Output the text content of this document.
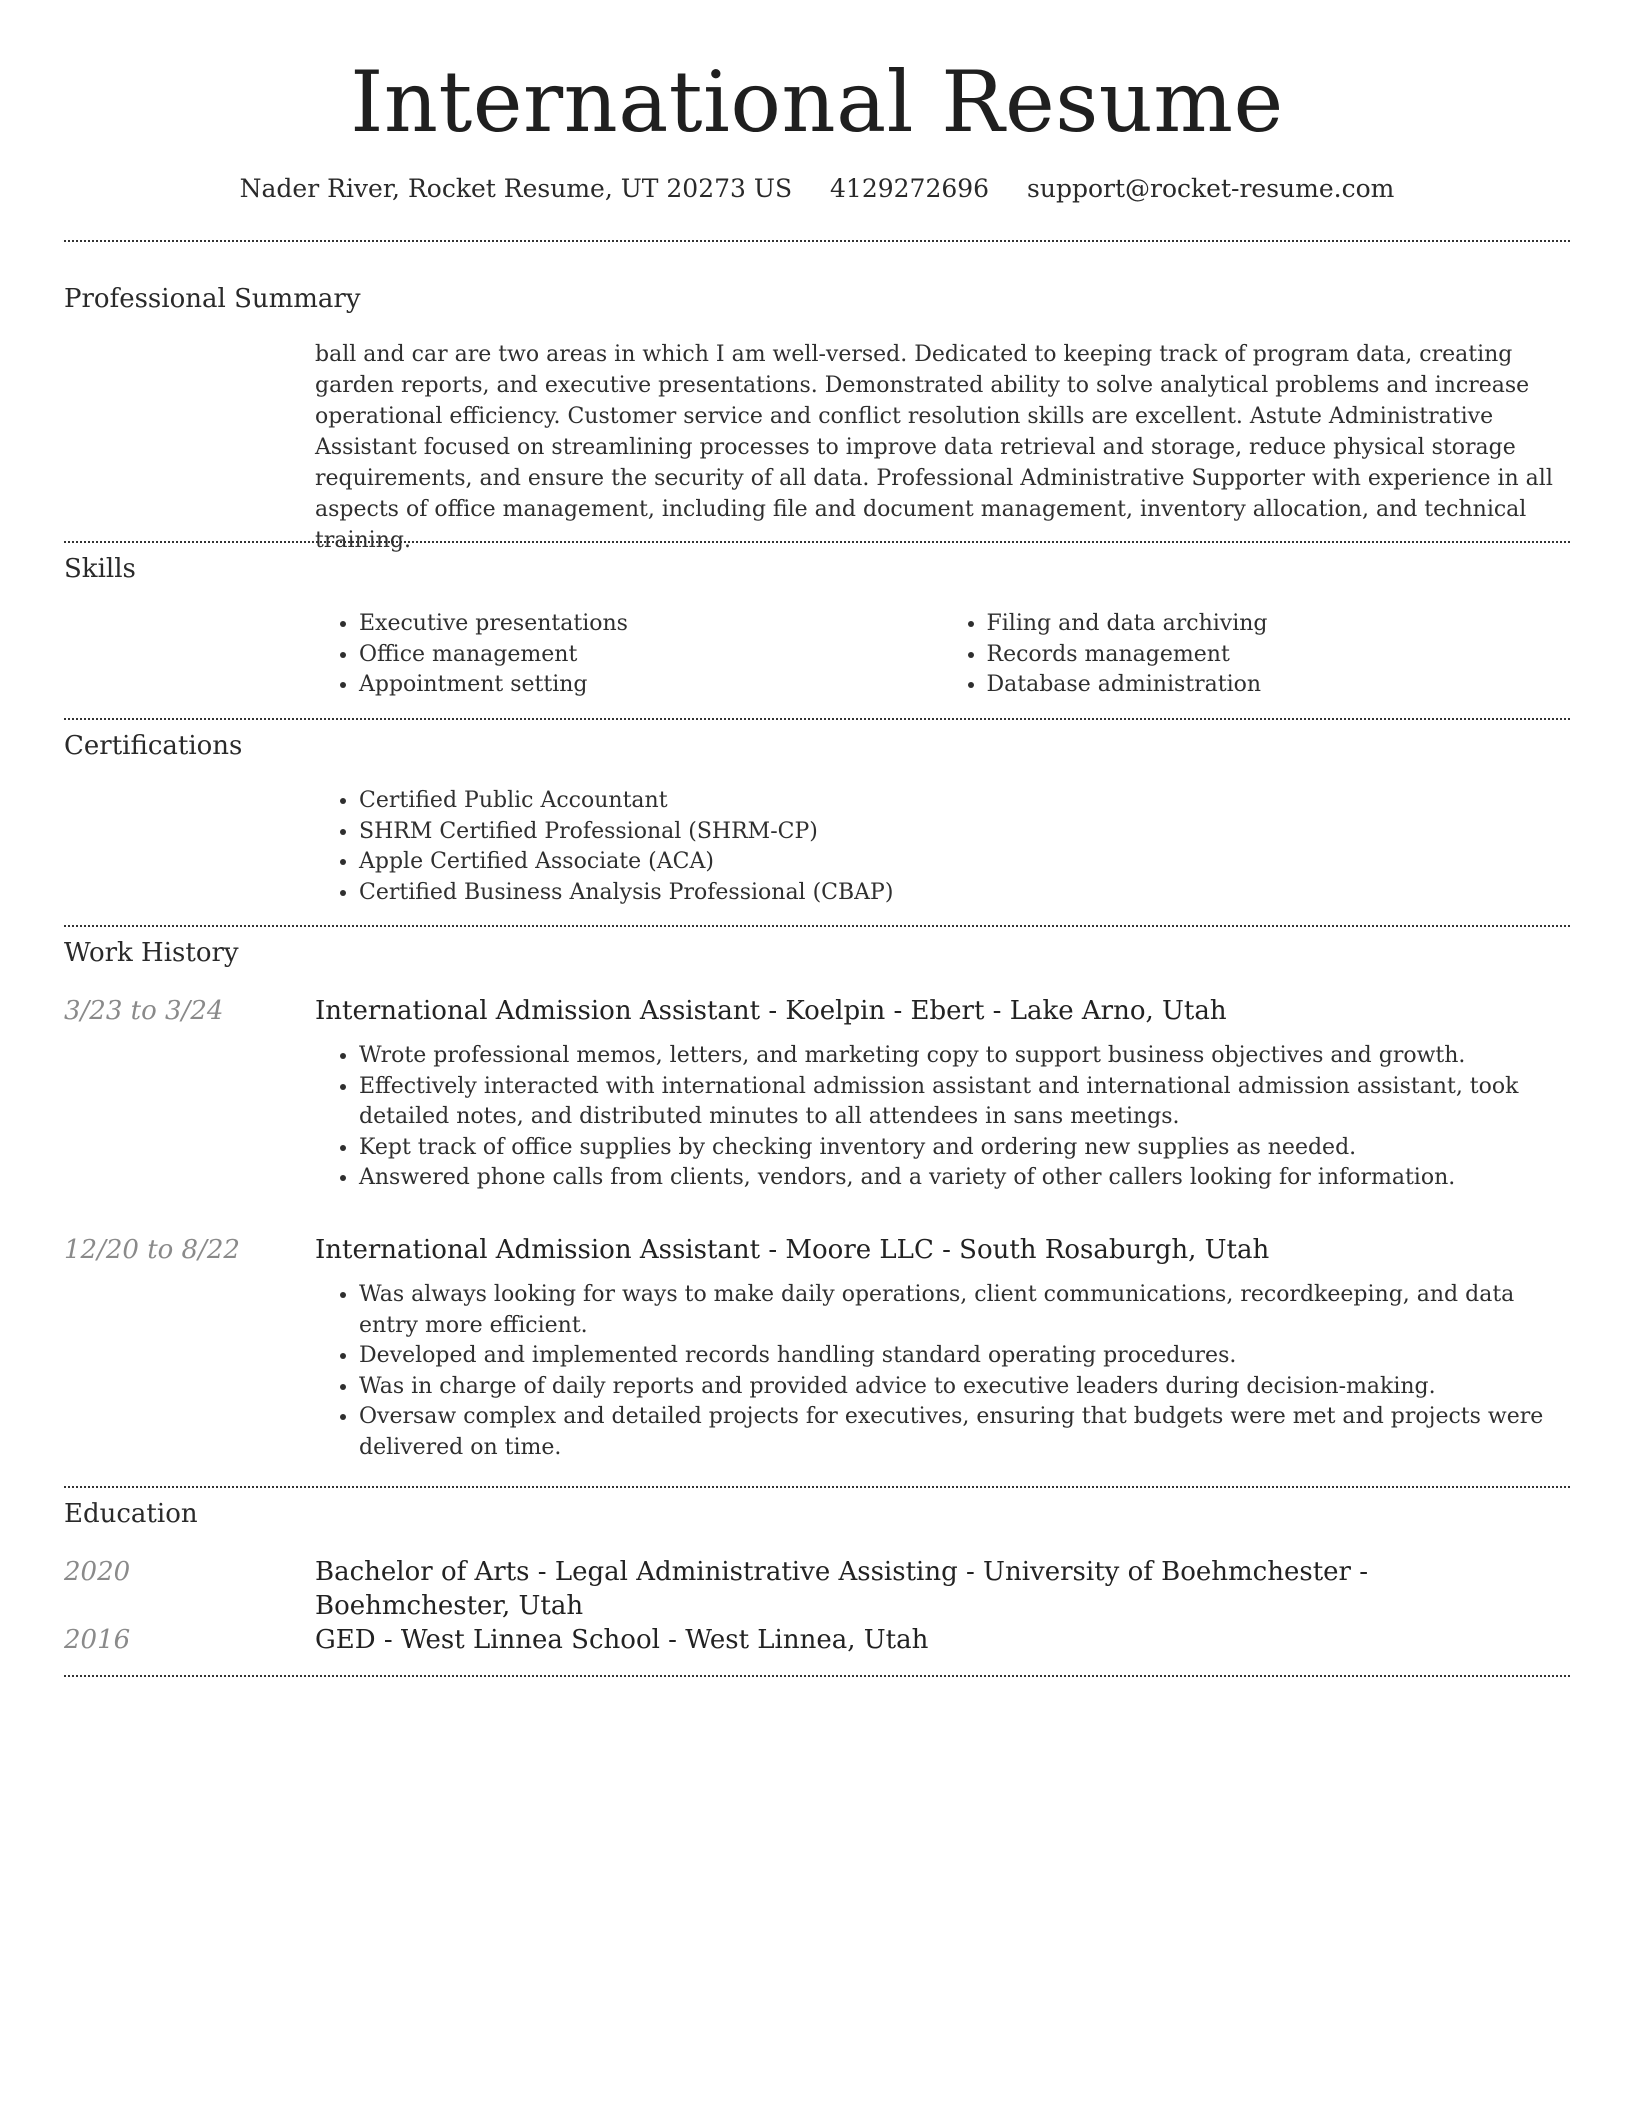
International Resume
Nader River, Rocket Resume, UT 20273 US 4129272696 support@rocket-resume.com
Professional Summary

ball and car are two areas in which I am well-versed. Dedicated to keeping track of program data, creating garden reports, and executive presentations. Demonstrated ability to solve analytical problems and increase operational efficiency. Customer service and conflict resolution skills are excellent. Astute Administrative Assistant focused on streamlining processes to improve data retrieval and storage, reduce physical storage requirements, and ensure the security of all data. Professional Administrative Supporter with experience in all aspects of office management, including file and document management, inventory allocation, and technical training.

Skills
• Executive presentations
• Office management
• Appointment setting
• Filing and data archiving
• Records management
• Database administration
Certifications
• Certified Public Accountant
• SHRM Certified Professional (SHRM-CP)
• Apple Certified Associate (ACA)
• Certified Business Analysis Professional (CBAP)
Work History
3/23 to 3/24	International Admission Assistant - Koelpin - Ebert - Lake Arno, Utah
• Wrote professional memos, letters, and marketing copy to support business objectives and growth.
• Effectively interacted with international admission assistant and international admission assistant, took detailed notes, and distributed minutes to all attendees in sans meetings.
• Kept track of office supplies by checking inventory and ordering new supplies as needed.
• Answered phone calls from clients, vendors, and a variety of other callers looking for information.
12/20 to 8/22	International Admission Assistant - Moore LLC - South Rosaburgh, Utah
• Was always looking for ways to make daily operations, client communications, recordkeeping, and data entry more efficient.
• Developed and implemented records handling standard operating procedures.
• Was in charge of daily reports and provided advice to executive leaders during decision-making.
• Oversaw complex and detailed projects for executives, ensuring that budgets were met and projects were delivered on time.
Education
2020	Bachelor of Arts - Legal Administrative Assisting - University of Boehmchester - Boehmchester, Utah
2016	GED - West Linnea School - West Linnea, Utah
